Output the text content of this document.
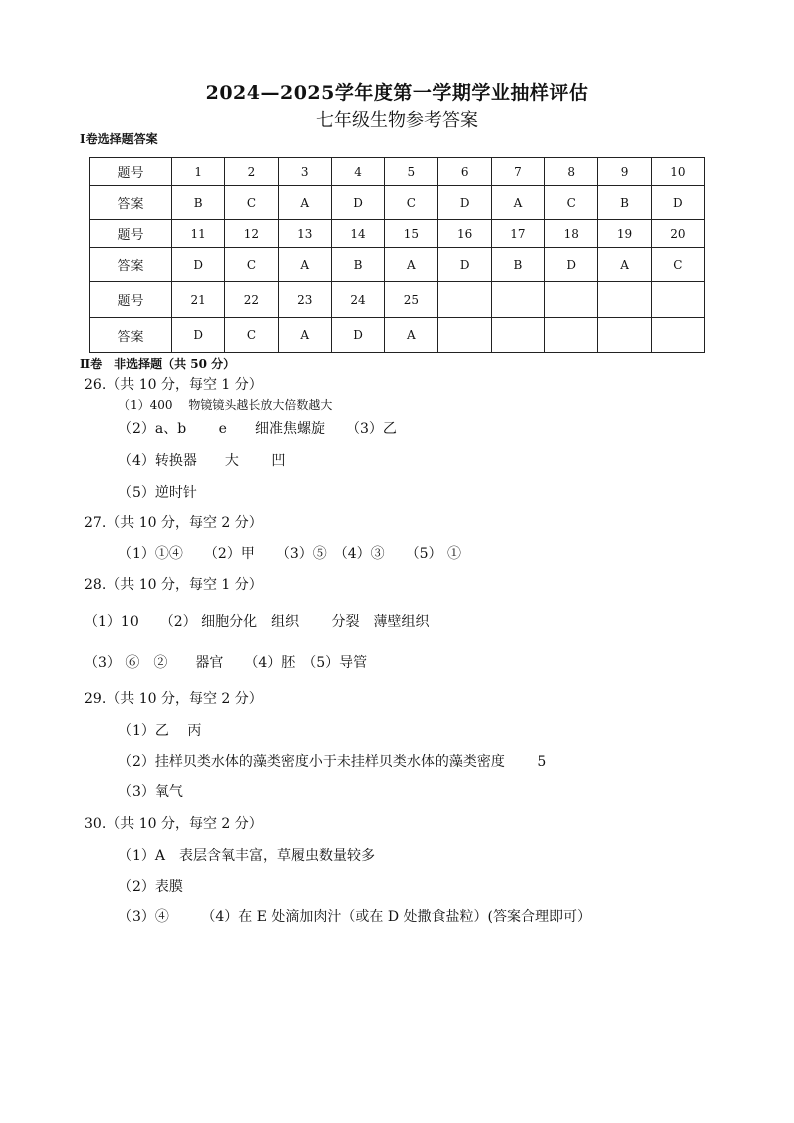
2024—2025学年度第一学期学业抽样评估
七年级生物参考答案
Ⅰ卷选择题答案
题号	1	2	3	4	5	6	7	8	9	10
答案	B	C	A	D	C	D	A	C	B	D
题号	11	12	13	14	15	16	17	18	19	20
答案	D	C	A	B	A	D	B	D	A	C
题号	21	22	23	24	25					
答案	D	C	A	D	A					
Ⅱ卷　非选择题（共 50 分）
26.（共 10 分，每空 1 分）
（1）400　 物镜镜头越长放大倍数越大
（2）a、b　　 e　　细准焦螺旋　　（3）乙
（4）转换器　　大　　 凹
（5）逆时针
27.（共 10 分，每空 2 分）
（1）①④　　（2）甲　　（3）⑤　（4）③　　（5） ①
28.（共 10 分，每空 1 分）
（1）10　　（2） 细胞分化　组织　　 分裂　薄壁组织
（3） ⑥　②　　器官　　（4）胚　（5）导管
29.（共 10 分，每空 2 分）
（1）乙　 丙
（2）挂样贝类水体的藻类密度小于未挂样贝类水体的藻类密度　　 5
（3）氧气
30.（共 10 分，每空 2 分）
（1）A　表层含氧丰富，草履虫数量较多
（2）表膜
（3）④　　 （4）在 E 处滴加肉汁（或在 D 处撒食盐粒）(答案合理即可）
